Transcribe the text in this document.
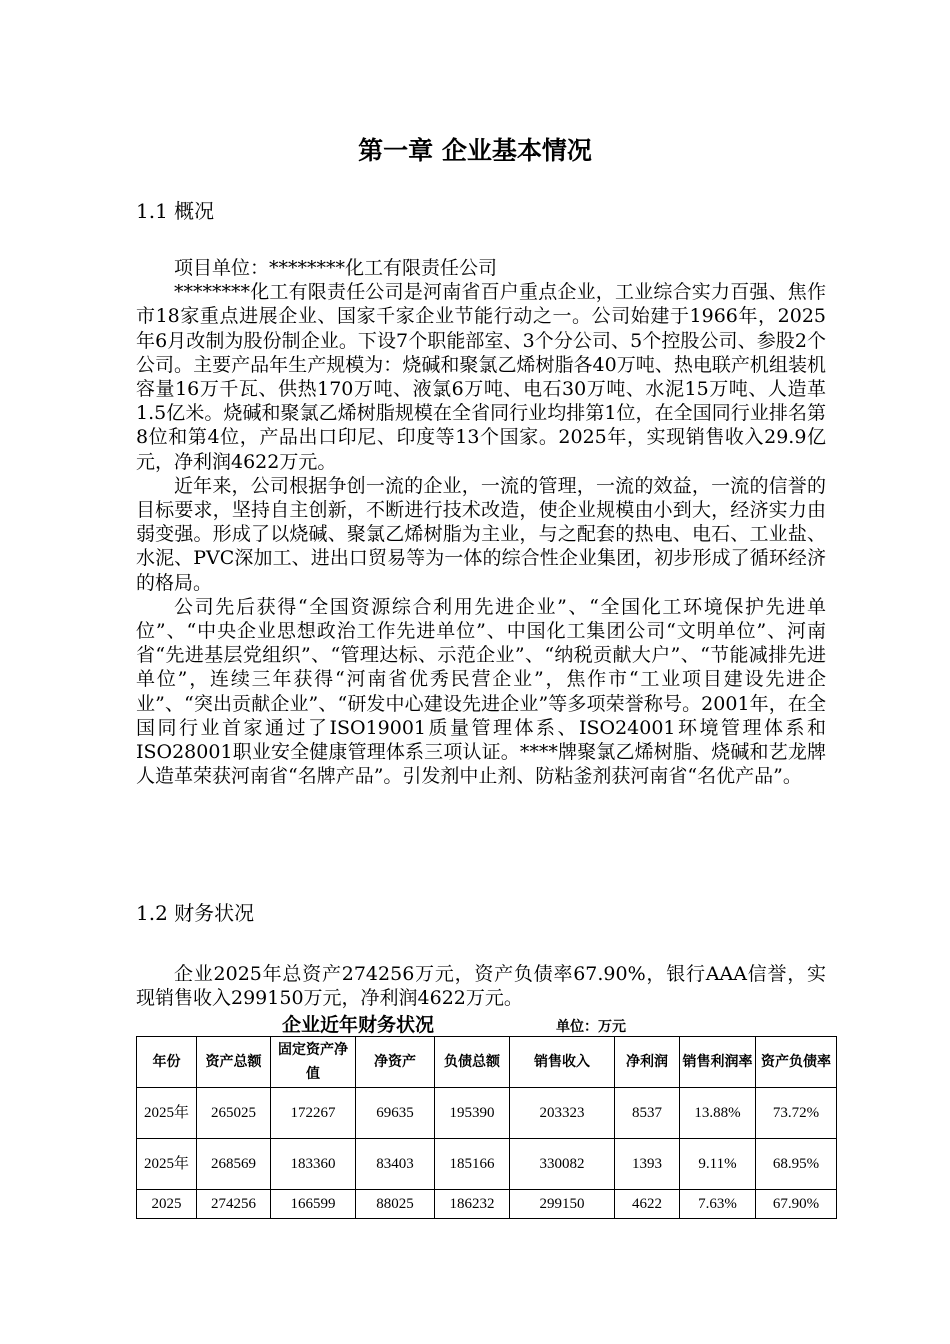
第一章 企业基本情况
1.1 概况

项目单位：********化工有限责任公司

********化工有限责任公司是河南省百户重点企业，工业综合实力百强、焦作市18家重点进展企业、国家千家企业节能行动之一。公司始建于1966年，2025年6月改制为股份制企业。下设7个职能部室、3个分公司、5个控股公司、参股2个公司。主要产品年生产规模为：烧碱和聚氯乙烯树脂各40万吨、热电联产机组装机容量16万千瓦、供热170万吨、液氯6万吨、电石30万吨、水泥15万吨、人造革1.5亿米。烧碱和聚氯乙烯树脂规模在全省同行业均排第1位，在全国同行业排名第8位和第4位，产品出口印尼、印度等13个国家。2025年，实现销售收入29.9亿元，净利润4622万元。

近年来，公司根据争创一流的企业，一流的管理，一流的效益，一流的信誉的目标要求，坚持自主创新，不断进行技术改造，使企业规模由小到大，经济实力由弱变强。形成了以烧碱、聚氯乙烯树脂为主业，与之配套的热电、电石、工业盐、水泥、PVC深加工、进出口贸易等为一体的综合性企业集团，初步形成了循环经济的格局。

公司先后获得“全国资源综合利用先进企业”、“全国化工环境保护先进单位”、“中央企业思想政治工作先进单位”、中国化工集团公司“文明单位”、河南省“先进基层党组织”、“管理达标、示范企业”、“纳税贡献大户”、“节能减排先进单位”，连续三年获得“河南省优秀民营企业”，焦作市“工业项目建设先进企业”、“突出贡献企业”、“研发中心建设先进企业”等多项荣誉称号。2001年，在全国同行业首家通过了ISO19001质量管理体系、ISO24001环境管理体系和ISO28001职业安全健康管理体系三项认证。****牌聚氯乙烯树脂、烧碱和艺龙牌人造革荣获河南省“名牌产品”。引发剂中止剂、防粘釜剂获河南省“名优产品”。

1.2 财务状况

企业2025年总资产274256万元，资产负债率67.90%，银行AAA信誉，实现销售收入299150万元，净利润4622万元。

企业近年财务状况	单位：万元
年份	资产总额	固定资产净值	净资产	负债总额	销售收入	净利润	销售利润率	资产负债率
2025年	265025	172267	69635	195390	203323	8537	13.88%	73.72%
2025年	268569	183360	83403	185166	330082	1393	9.11%	68.95%
2025	274256	166599	88025	186232	299150	4622	7.63%	67.90%
